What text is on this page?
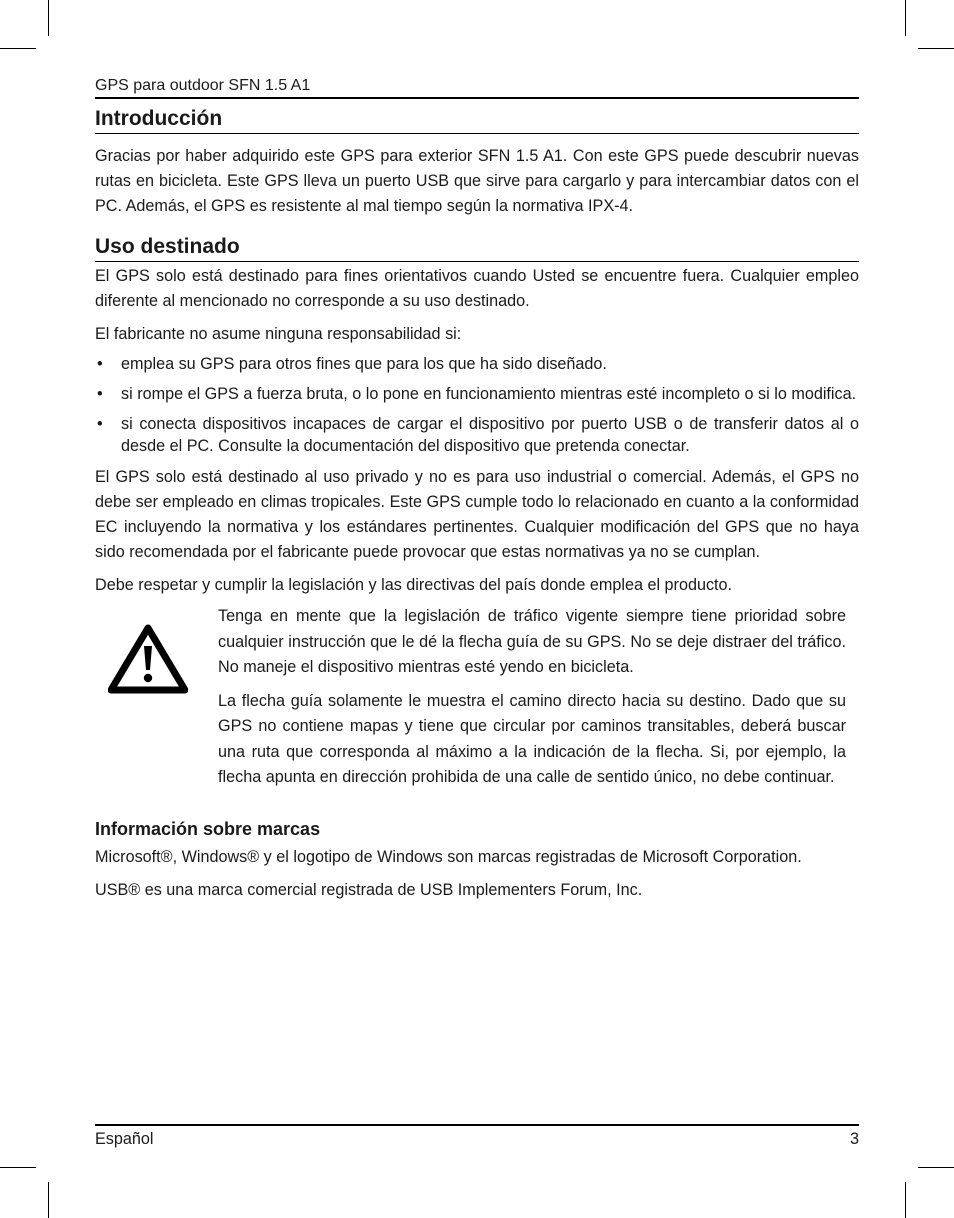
GPS para outdoor SFN 1.5 A1
Introducción

Gracias por haber adquirido este GPS para exterior SFN 1.5 A1. Con este GPS puede descubrir nuevas rutas en bicicleta. Este GPS lleva un puerto USB que sirve para cargarlo y para intercambiar datos con el PC. Además, el GPS es resistente al mal tiempo según la normativa IPX-4.

Uso destinado

El GPS solo está destinado para fines orientativos cuando Usted se encuentre fuera. Cualquier empleo diferente al mencionado no corresponde a su uso destinado.

El fabricante no asume ninguna responsabilidad si:

• emplea su GPS para otros fines que para los que ha sido diseñado.
• si rompe el GPS a fuerza bruta, o lo pone en funcionamiento mientras esté incompleto o si lo modifica.
• si conecta dispositivos incapaces de cargar el dispositivo por puerto USB o de transferir datos al o desde el PC. Consulte la documentación del dispositivo que pretenda conectar.

El GPS solo está destinado al uso privado y no es para uso industrial o comercial. Además, el GPS no debe ser empleado en climas tropicales. Este GPS cumple todo lo relacionado en cuanto a la conformidad EC incluyendo la normativa y los estándares pertinentes. Cualquier modificación del GPS que no haya sido recomendada por el fabricante puede provocar que estas normativas ya no se cumplan.

Debe respetar y cumplir la legislación y las directivas del país donde emplea el producto.

Tenga en mente que la legislación de tráfico vigente siempre tiene prioridad sobre cualquier instrucción que le dé la flecha guía de su GPS. No se deje distraer del tráfico. No maneje el dispositivo mientras esté yendo en bicicleta.

La flecha guía solamente le muestra el camino directo hacia su destino. Dado que su GPS no contiene mapas y tiene que circular por caminos transitables, deberá buscar una ruta que corresponda al máximo a la indicación de la flecha. Si, por ejemplo, la flecha apunta en dirección prohibida de una calle de sentido único, no debe continuar.

Información sobre marcas

Microsoft®, Windows® y el logotipo de Windows son marcas registradas de Microsoft Corporation.

USB® es una marca comercial registrada de USB Implementers Forum, Inc.

Español	3
